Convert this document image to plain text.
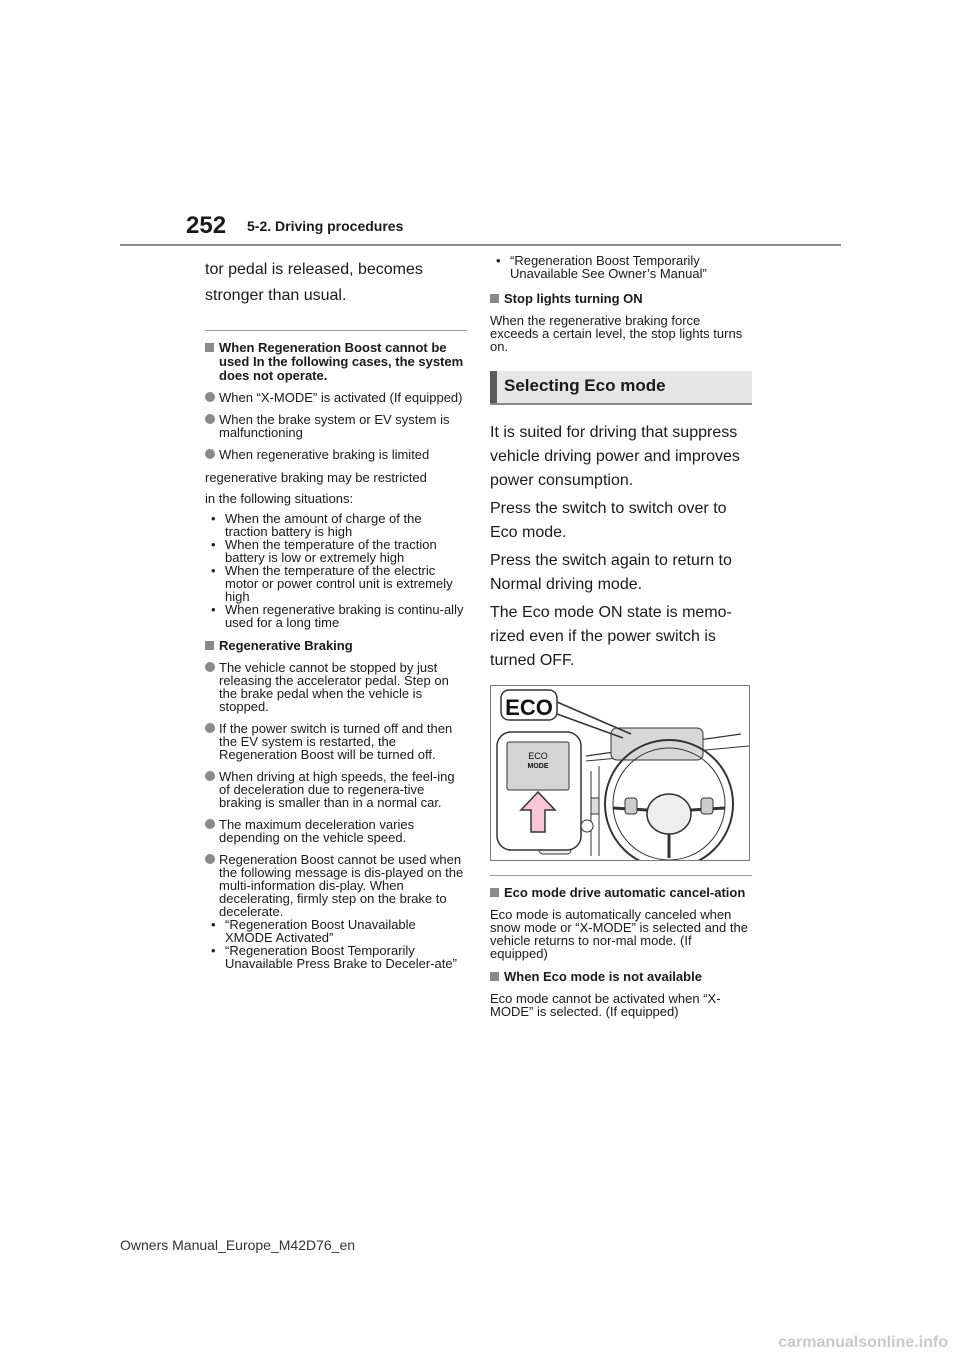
252 5-2. Driving procedures
tor pedal is released, becomes
stronger than usual.
When Regeneration Boost cannot be used In the following cases, the system does not operate.
When “X-MODE” is activated (If equipped)
When the brake system or EV system is malfunctioning
When regenerative braking is limited
regenerative braking may be restricted
in the following situations:
• When the amount of charge of the traction battery is high
• When the temperature of the traction battery is low or extremely high
• When the temperature of the electric motor or power control unit is extremely high
• When regenerative braking is continu-ally used for a long time
Regenerative Braking
The vehicle cannot be stopped by just releasing the accelerator pedal. Step on the brake pedal when the vehicle is stopped.
If the power switch is turned off and then the EV system is restarted, the Regeneration Boost will be turned off.
When driving at high speeds, the feel-ing of deceleration due to regenera-tive braking is smaller than in a normal car.
The maximum deceleration varies depending on the vehicle speed.
Regeneration Boost cannot be used when the following message is dis-played on the multi-information dis-play. When decelerating, firmly step on the brake to decelerate.
• “Regeneration Boost Unavailable XMODE Activated”
• “Regeneration Boost Temporarily Unavailable Press Brake to Deceler-ate”
• “Regeneration Boost Temporarily Unavailable See Owner’s Manual”
Stop lights turning ON
When the regenerative braking force exceeds a certain level, the stop lights turns on.
Selecting Eco mode
It is suited for driving that suppress
vehicle driving power and improves
power consumption.
Press the switch to switch over to
Eco mode.
Press the switch again to return to
Normal driving mode.
The Eco mode ON state is memo-
rized even if the power switch is
turned OFF.
ECO
ECO
MODE
Eco mode drive automatic cancel-ation
Eco mode is automatically canceled when snow mode or “X-MODE” is selected and the vehicle returns to nor-mal mode. (If equipped)
When Eco mode is not available
Eco mode cannot be activated when “X-MODE” is selected. (If equipped)
Owners Manual_Europe_M42D76_en
carmanualsonline.info
